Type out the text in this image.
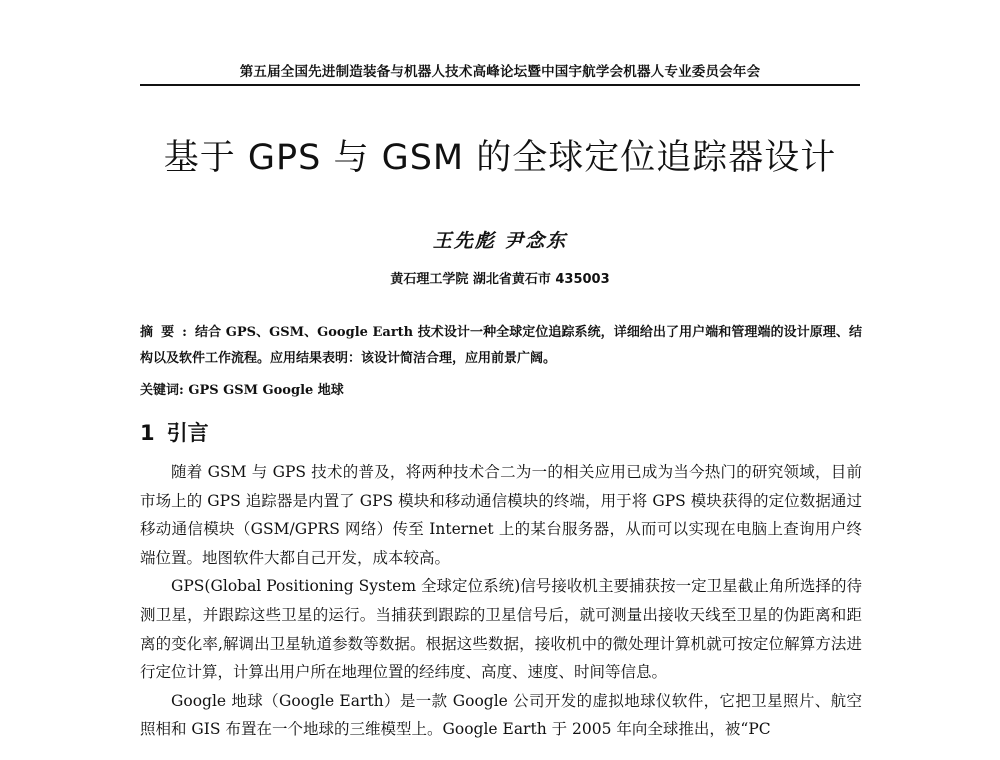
第五届全国先进制造装备与机器人技术高峰论坛暨中国宇航学会机器人专业委员会年会
基于 GPS 与 GSM 的全球定位追踪器设计
王先彪 尹念东
黄石理工学院 湖北省黄石市 435003
摘要:结合 GPS、GSM、Google Earth 技术设计一种全球定位追踪系统，详细给出了用户端和管理端的设计原理、结构以及软件工作流程。应用结果表明：该设计简洁合理，应用前景广阔。
关键词: GPS GSM Google 地球
1 引言

随着 GSM 与 GPS 技术的普及，将两种技术合二为一的相关应用已成为当今热门的研究领域，目前市场上的 GPS 追踪器是内置了 GPS 模块和移动通信模块的终端，用于将 GPS 模块获得的定位数据通过移动通信模块（GSM/GPRS 网络）传至 Internet 上的某台服务器，从而可以实现在电脑上查询用户终端位置。地图软件大都自己开发，成本较高。

GPS(Global Positioning System 全球定位系统)信号接收机主要捕获按一定卫星截止角所选择的待测卫星，并跟踪这些卫星的运行。当捕获到跟踪的卫星信号后，就可测量出接收天线至卫星的伪距离和距离的变化率,解调出卫星轨道参数等数据。根据这些数据，接收机中的微处理计算机就可按定位解算方法进行定位计算，计算出用户所在地理位置的经纬度、高度、速度、时间等信息。

Google 地球（Google Earth）是一款 Google 公司开发的虚拟地球仪软件，它把卫星照片、航空照相和 GIS 布置在一个地球的三维模型上。Google Earth 于 2005 年向全球推出，被“PC
